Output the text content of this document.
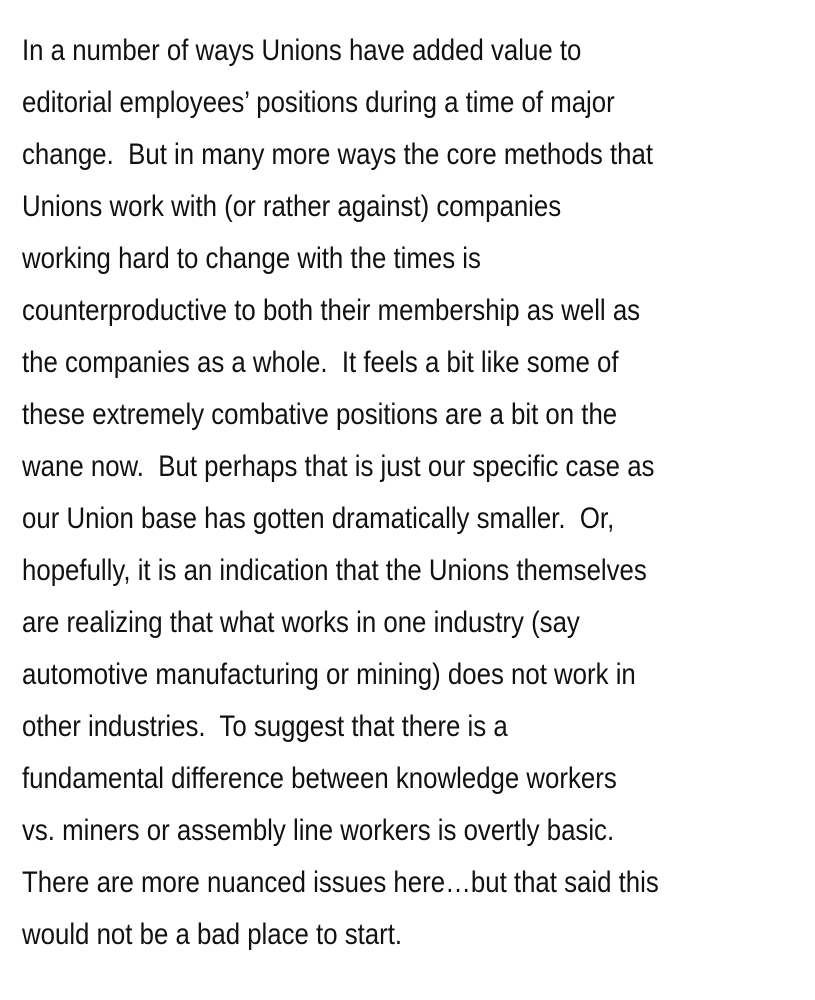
In a number of ways Unions have added value to
editorial employees’ positions during a time of major
change.  But in many more ways the core methods that
Unions work with (or rather against) companies
working hard to change with the times is
counterproductive to both their membership as well as
the companies as a whole.  It feels a bit like some of
these extremely combative positions are a bit on the
wane now.  But perhaps that is just our specific case as
our Union base has gotten dramatically smaller.  Or,
hopefully, it is an indication that the Unions themselves
are realizing that what works in one industry (say
automotive manufacturing or mining) does not work in
other industries.  To suggest that there is a
fundamental difference between knowledge workers
vs. miners or assembly line workers is overtly basic.
There are more nuanced issues here…but that said this
would not be a bad place to start.
